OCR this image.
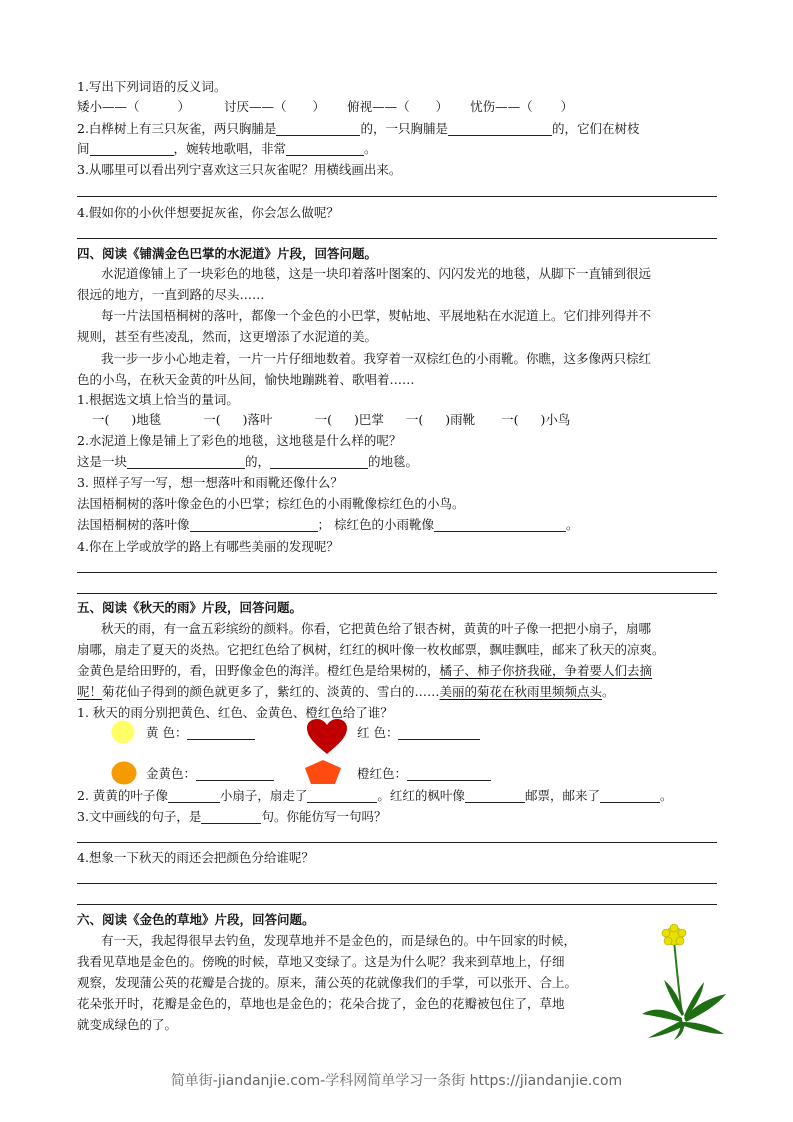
1.写出下列词语的反义词。
矮小——（	）	讨厌——（ ） 俯视——（ ） 忧伤——（ ）
2.白桦树上有三只灰雀，两只胸脯是	的，一只胸脯是	的，它们在树枝
间	，婉转地歌唱，非常	。
3.从哪里可以看出列宁喜欢这三只灰雀呢？用横线画出来。
4.假如你的小伙伴想要捉灰雀，你会怎么做呢？
四、阅读《铺满金色巴掌的水泥道》片段，回答问题。
水泥道像铺上了一块彩色的地毯，这是一块印着落叶图案的、闪闪发光的地毯，从脚下一直铺到很远
很远的地方，一直到路的尽头……
每一片法国梧桐树的落叶，都像一个金色的小巴掌，熨帖地、平展地粘在水泥道上。它们排列得并不
规则，甚至有些凌乱，然而，这更增添了水泥道的美。
我一步一步小心地走着，一片一片仔细地数着。我穿着一双棕红色的小雨靴。你瞧，这多像两只棕红
色的小鸟，在秋天金黄的叶丛间，愉快地蹦跳着、歌唱着……
1.根据选文填上恰当的量词。
一( )地毯	一( )落叶	一( )巴掌 一( )雨靴 一( )小鸟
2.水泥道上像是铺上了彩色的地毯，这地毯是什么样的呢？
这是一块	的，	的地毯。
3. 照样子写一写，想一想落叶和雨靴还像什么？
法国梧桐树的落叶像金色的小巴掌；棕红色的小雨靴像棕红色的小鸟。
法国梧桐树的落叶像	； 棕红色的小雨靴像	。
4.你在上学或放学的路上有哪些美丽的发现呢？
五、阅读《秋天的雨》片段，回答问题。
秋天的雨，有一盒五彩缤纷的颜料。你看，它把黄色给了银杏树，黄黄的叶子像一把把小扇子，扇哪
扇哪，扇走了夏天的炎热。它把红色给了枫树，红红的枫叶像一枚枚邮票，飘哇飘哇，邮来了秋天的凉爽。
金黄色是给田野的，看，田野像金色的海洋。橙红色是给果树的，橘子、柿子你挤我碰，争着要人们去摘
呢！菊花仙子得到的颜色就更多了，紫红的、淡黄的、雪白的……美丽的菊花在秋雨里频频点头。
1. 秋天的雨分别把黄色、红色、金黄色、橙红色给了谁？
黄 色：	红 色：
金黄色：	橙红色：
2. 黄黄的叶子像	小扇子，扇走了	。红红的枫叶像	邮票，邮来了	。
3.文中画线的句子，是	句。你能仿写一句吗？
4.想象一下秋天的雨还会把颜色分给谁呢？
六、阅读《金色的草地》片段，回答问题。
有一天，我起得很早去钓鱼，发现草地并不是金色的，而是绿色的。中午回家的时候，
我看见草地是金色的。傍晚的时候，草地又变绿了。这是为什么呢？我来到草地上，仔细
观察，发现蒲公英的花瓣是合拢的。原来，蒲公英的花就像我们的手掌，可以张开、合上。
花朵张开时，花瓣是金色的，草地也是金色的；花朵合拢了，金色的花瓣被包住了，草地
就变成绿色的了。
简单街-jiandanjie.com-学科网简单学习一条街 https://jiandanjie.com
